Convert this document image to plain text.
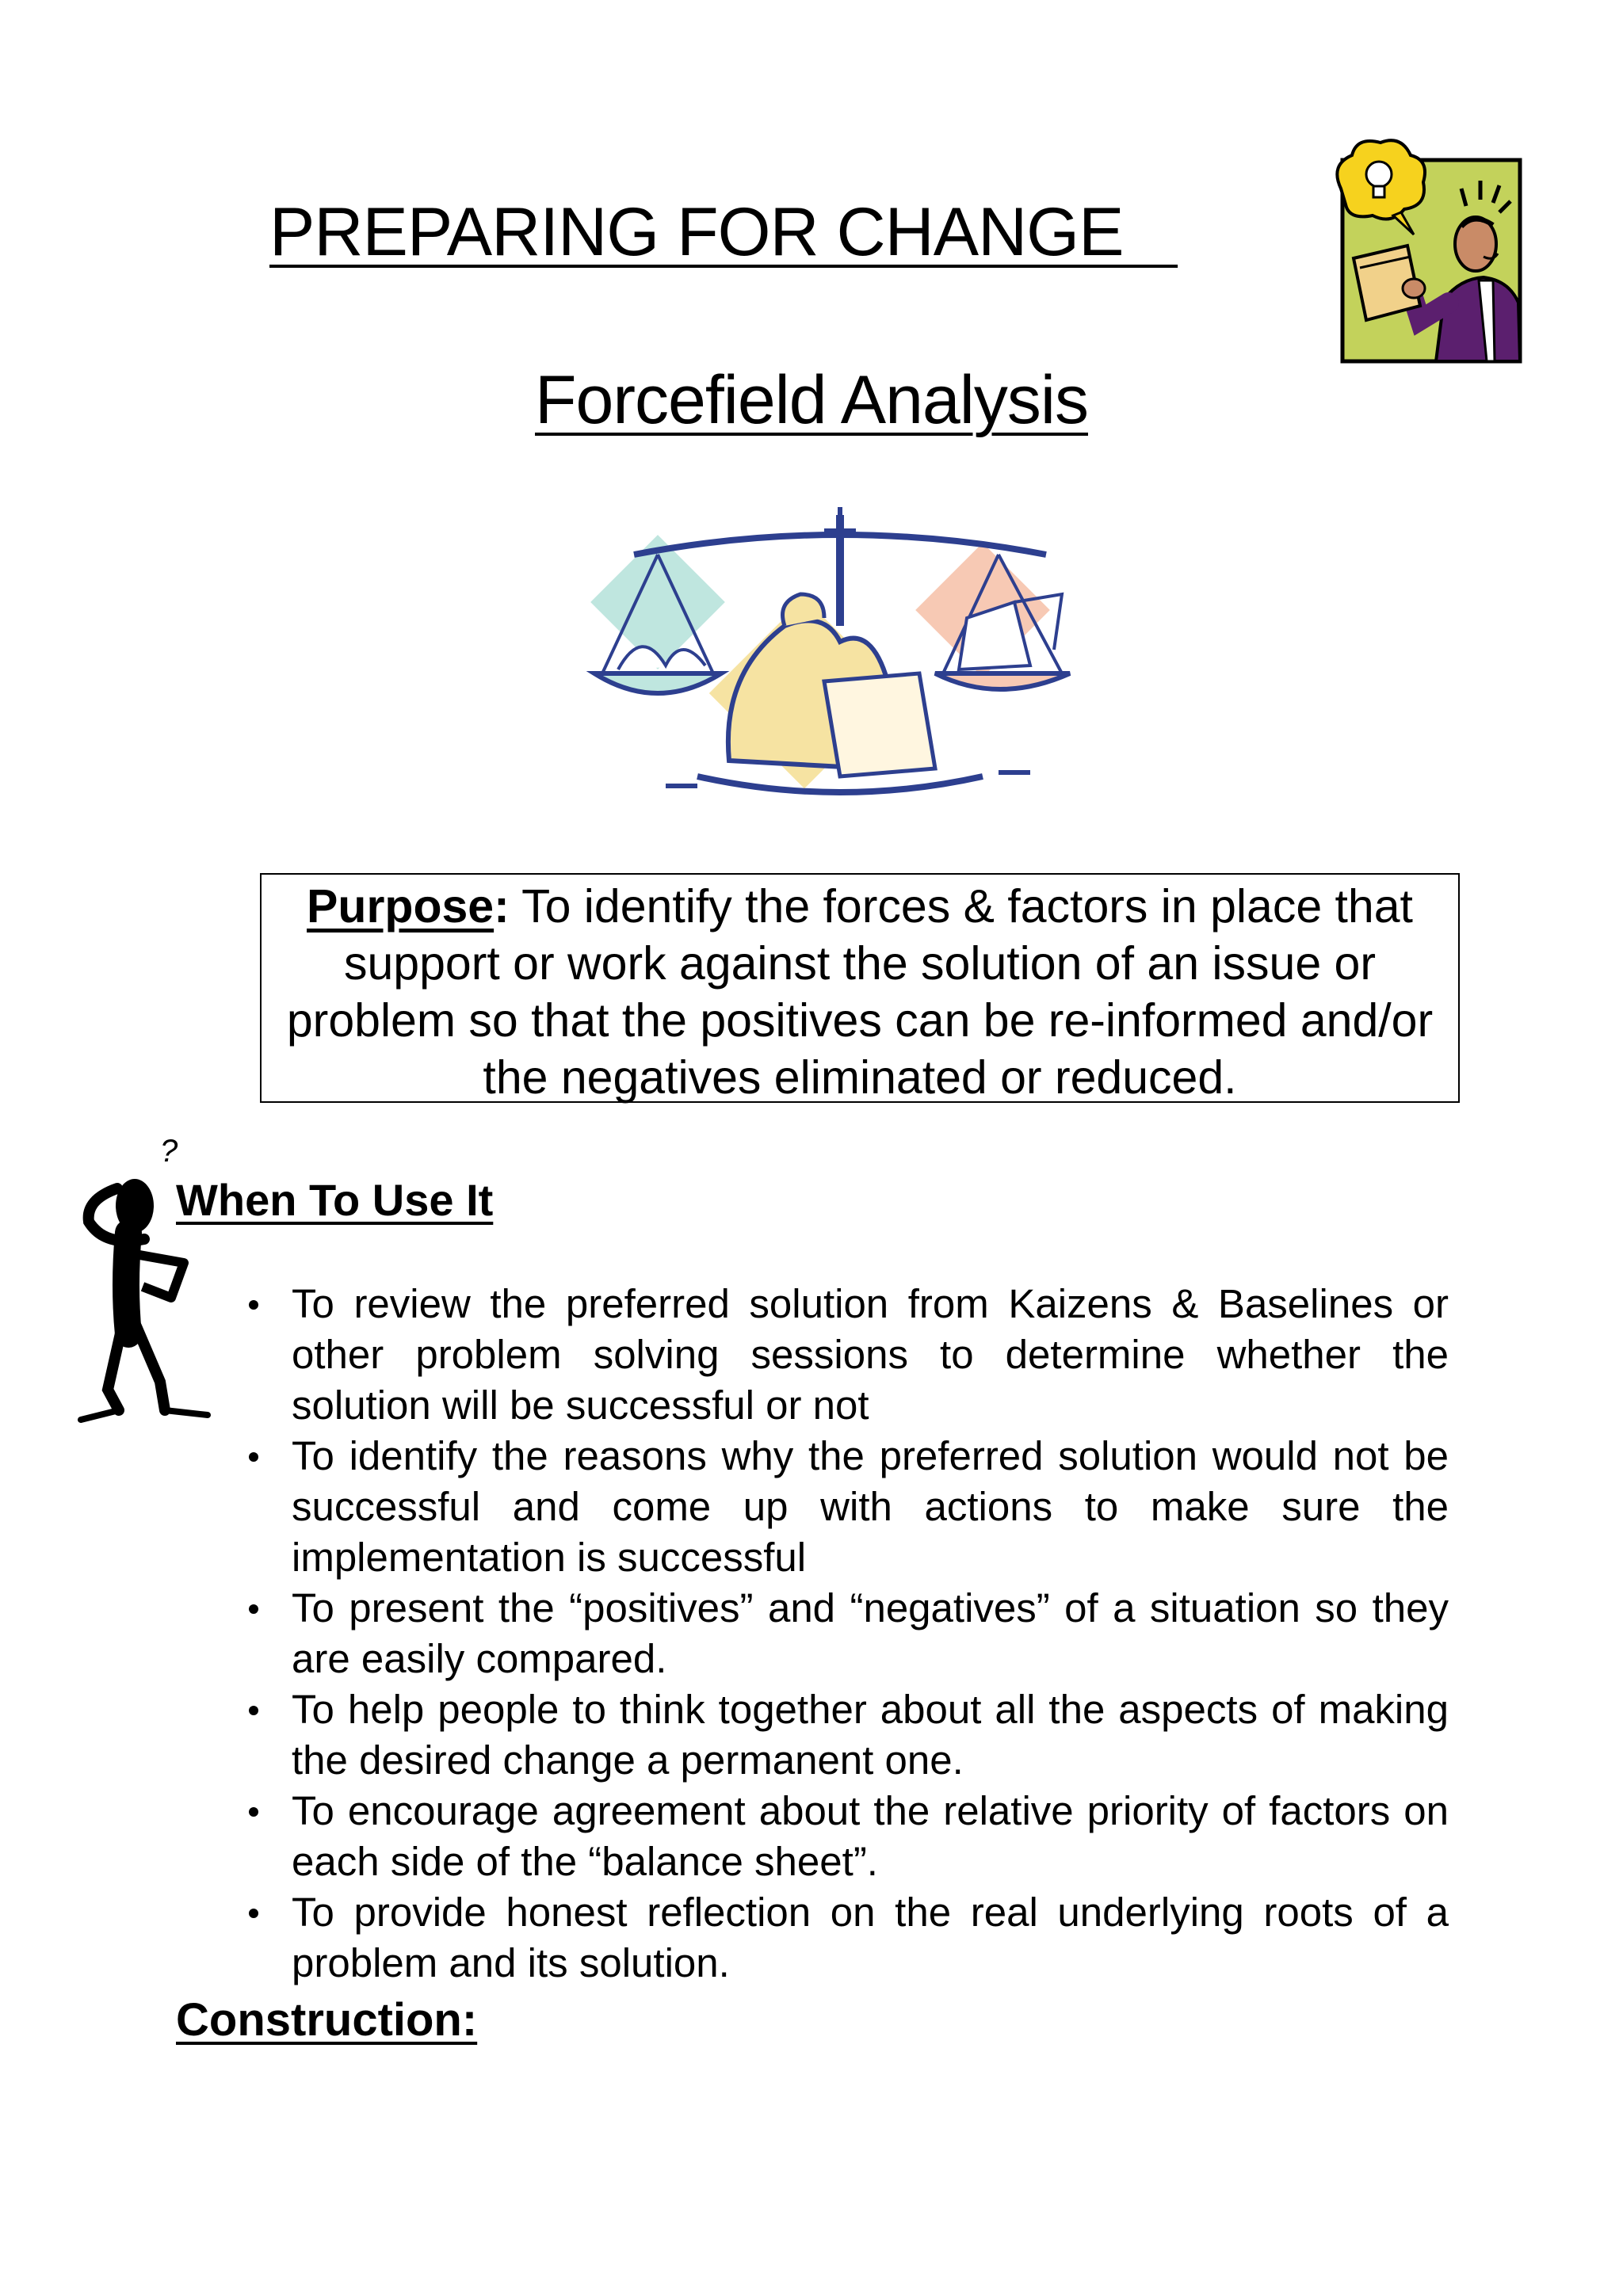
PREPARING FOR CHANGE
Forcefield Analysis
Purpose: To identify the forces & factors in place that support or work against the solution of an issue or problem so that the positives can be re-informed and/or the negatives eliminated or reduced.
?
When To Use It
To review the preferred solution from Kaizens & Baselines or other problem solving sessions to determine whether the solution will be successful or not
To identify the reasons why the preferred solution would not be successful and come up with actions to make sure the implementation is successful
To present the “positives” and “negatives” of a situation so they are easily compared.
To help people to think together about all the aspects of making the desired change a permanent one.
To encourage agreement about the relative priority of factors on each side of the “balance sheet”.
To provide honest reflection on the real underlying roots of a problem and its solution.
Construction:
